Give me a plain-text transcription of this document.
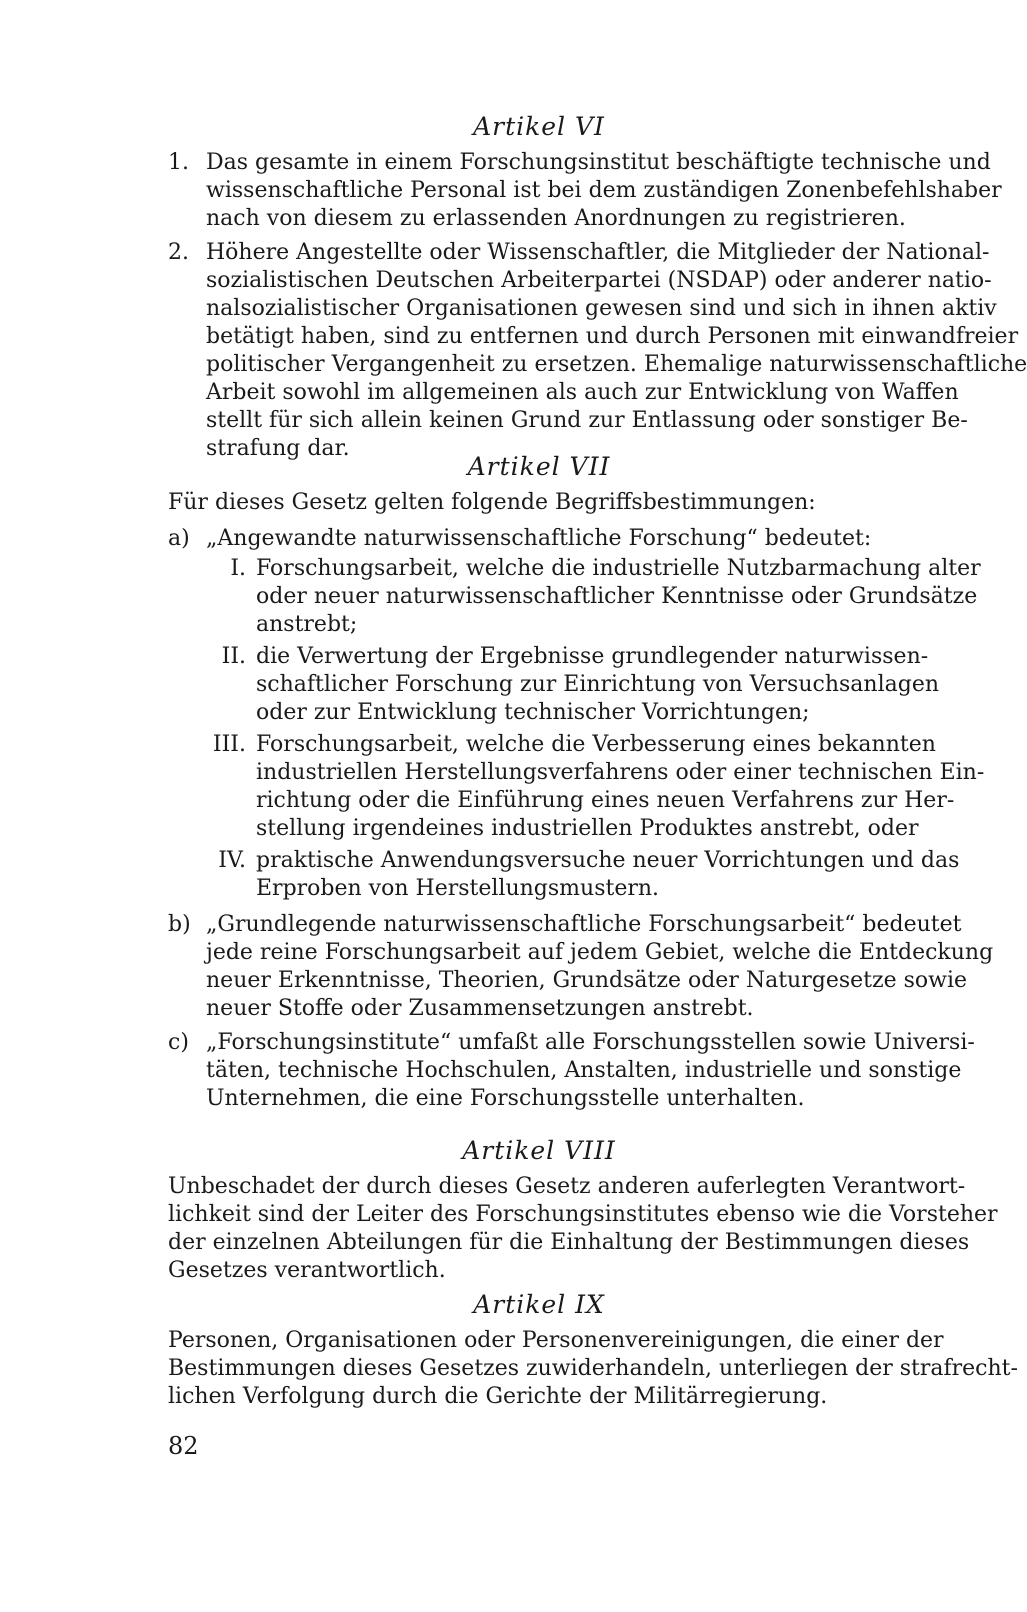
Artikel VI
1. Das gesamte in einem Forschungsinstitut beschäftigte technische und
wissenschaftliche Personal ist bei dem zuständigen Zonenbefehlshaber
nach von diesem zu erlassenden Anordnungen zu registrieren.
2. Höhere Angestellte oder Wissenschaftler, die Mitglieder der National-
sozialistischen Deutschen Arbeiterpartei (NSDAP) oder anderer natio-
nalsozialistischer Organisationen gewesen sind und sich in ihnen aktiv
betätigt haben, sind zu entfernen und durch Personen mit einwandfreier
politischer Vergangenheit zu ersetzen. Ehemalige naturwissenschaftliche
Arbeit sowohl im allgemeinen als auch zur Entwicklung von Waffen
stellt für sich allein keinen Grund zur Entlassung oder sonstiger Be-
strafung dar.
Artikel VII
Für dieses Gesetz gelten folgende Begriffsbestimmungen:
a) „Angewandte naturwissenschaftliche Forschung“ bedeutet:
I. Forschungsarbeit, welche die industrielle Nutzbarmachung alter
oder neuer naturwissenschaftlicher Kenntnisse oder Grundsätze
anstrebt;
II. die Verwertung der Ergebnisse grundlegender naturwissen-
schaftlicher Forschung zur Einrichtung von Versuchsanlagen
oder zur Entwicklung technischer Vorrichtungen;
III. Forschungsarbeit, welche die Verbesserung eines bekannten
industriellen Herstellungsverfahrens oder einer technischen Ein-
richtung oder die Einführung eines neuen Verfahrens zur Her-
stellung irgendeines industriellen Produktes anstrebt, oder
IV. praktische Anwendungsversuche neuer Vorrichtungen und das
Erproben von Herstellungsmustern.
b) „Grundlegende naturwissenschaftliche Forschungsarbeit“ bedeutet
jede reine Forschungsarbeit auf jedem Gebiet, welche die Entdeckung
neuer Erkenntnisse, Theorien, Grundsätze oder Naturgesetze sowie
neuer Stoffe oder Zusammensetzungen anstrebt.
c) „Forschungsinstitute“ umfaßt alle Forschungsstellen sowie Universi-
täten, technische Hochschulen, Anstalten, industrielle und sonstige
Unternehmen, die eine Forschungsstelle unterhalten.
Artikel VIII
Unbeschadet der durch dieses Gesetz anderen auferlegten Verantwort-
lichkeit sind der Leiter des Forschungsinstitutes ebenso wie die Vorsteher
der einzelnen Abteilungen für die Einhaltung der Bestimmungen dieses
Gesetzes verantwortlich.
Artikel IX
Personen, Organisationen oder Personenvereinigungen, die einer der
Bestimmungen dieses Gesetzes zuwiderhandeln, unterliegen der strafrecht-
lichen Verfolgung durch die Gerichte der Militärregierung.
82
